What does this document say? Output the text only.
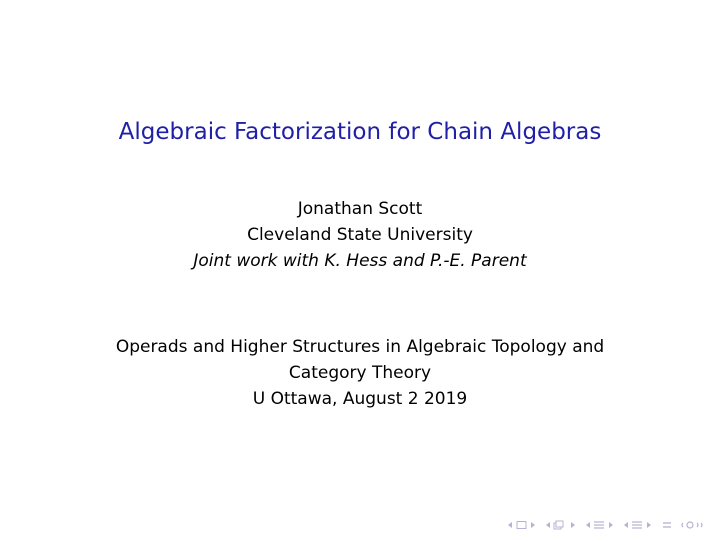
Algebraic Factorization for Chain Algebras
Jonathan Scott
Cleveland State University
Joint work with K. Hess and P.-E. Parent
Operads and Higher Structures in Algebraic Topology and
Category Theory
U Ottawa, August 2 2019
